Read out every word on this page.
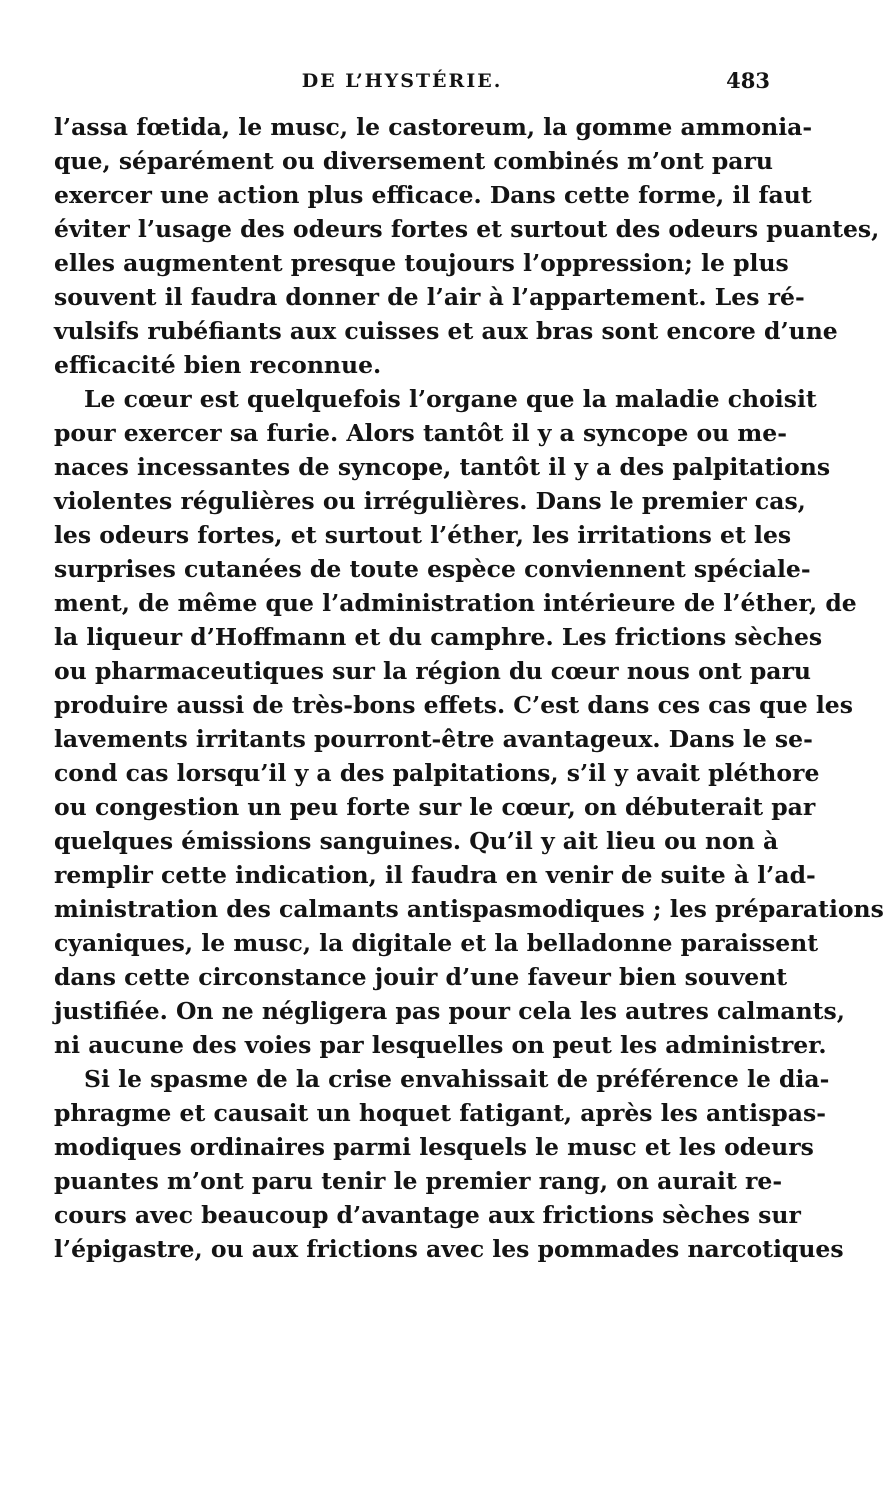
DE L’HYSTÉRIE.	483
l’assa fœtida, le musc, le castoreum, la gomme ammonia-
que, séparément ou diversement combinés m’ont paru
exercer une action plus efficace. Dans cette forme, il faut
éviter l’usage des odeurs fortes et surtout des odeurs puantes,
elles augmentent presque toujours l’oppression; le plus
souvent il faudra donner de l’air à l’appartement. Les ré-
vulsifs rubéfiants aux cuisses et aux bras sont encore d’une
efficacité bien reconnue.
Le cœur est quelquefois l’organe que la maladie choisit
pour exercer sa furie. Alors tantôt il y a syncope ou me-
naces incessantes de syncope, tantôt il y a des palpitations
violentes régulières ou irrégulières. Dans le premier cas,
les odeurs fortes, et surtout l’éther, les irritations et les
surprises cutanées de toute espèce conviennent spéciale-
ment, de même que l’administration intérieure de l’éther, de
la liqueur d’Hoffmann et du camphre. Les frictions sèches
ou pharmaceutiques sur la région du cœur nous ont paru
produire aussi de très-bons effets. C’est dans ces cas que les
lavements irritants pourront-être avantageux. Dans le se-
cond cas lorsqu’il y a des palpitations, s’il y avait pléthore
ou congestion un peu forte sur le cœur, on débuterait par
quelques émissions sanguines. Qu’il y ait lieu ou non à
remplir cette indication, il faudra en venir de suite à l’ad-
ministration des calmants antispasmodiques ; les préparations
cyaniques, le musc, la digitale et la belladonne paraissent
dans cette circonstance jouir d’une faveur bien souvent
justifiée. On ne négligera pas pour cela les autres calmants,
ni aucune des voies par lesquelles on peut les administrer.
Si le spasme de la crise envahissait de préférence le dia-
phragme et causait un hoquet fatigant, après les antispas-
modiques ordinaires parmi lesquels le musc et les odeurs
puantes m’ont paru tenir le premier rang, on aurait re-
cours avec beaucoup d’avantage aux frictions sèches sur
l’épigastre, ou aux frictions avec les pommades narcotiques
